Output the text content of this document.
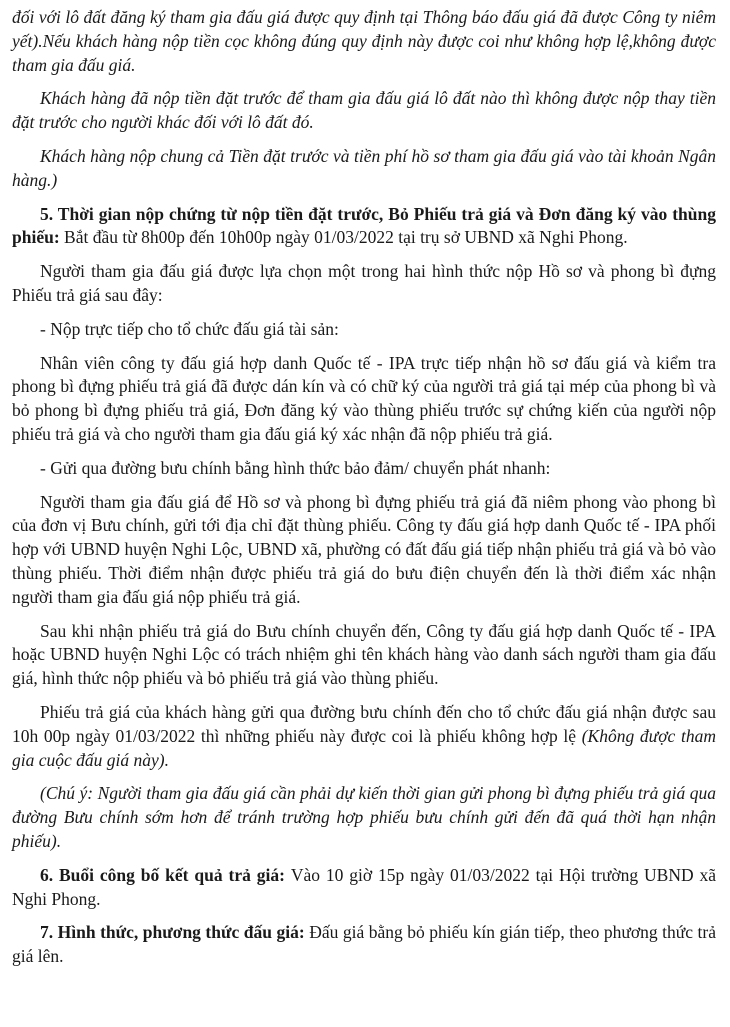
đối với lô đất đăng ký tham gia đấu giá được quy định tại Thông báo đấu giá đã được Công ty niêm yết).Nếu khách hàng nộp tiền cọc không đúng quy định này được coi như không hợp lệ,không được tham gia đấu giá.

Khách hàng đã nộp tiền đặt trước để tham gia đấu giá lô đất nào thì không được nộp thay tiền đặt trước cho người khác đối với lô đất đó.

Khách hàng nộp chung cả Tiền đặt trước và tiền phí hồ sơ tham gia đấu giá vào tài khoản Ngân hàng.)

5. Thời gian nộp chứng từ nộp tiền đặt trước, Bỏ Phiếu trả giá và Đơn đăng ký vào thùng phiếu: Bắt đầu từ 8h00p đến 10h00p ngày 01/03/2022 tại trụ sở UBND xã Nghi Phong.

Người tham gia đấu giá được lựa chọn một trong hai hình thức nộp Hồ sơ và phong bì đựng Phiếu trả giá sau đây:

- Nộp trực tiếp cho tổ chức đấu giá tài sản:

Nhân viên công ty đấu giá hợp danh Quốc tế - IPA trực tiếp nhận hồ sơ đấu giá và kiểm tra phong bì đựng phiếu trả giá đã được dán kín và có chữ ký của người trả giá tại mép của phong bì và bỏ phong bì đựng phiếu trả giá, Đơn đăng ký vào thùng phiếu trước sự chứng kiến của người nộp phiếu trả giá và cho người tham gia đấu giá ký xác nhận đã nộp phiếu trả giá.

- Gửi qua đường bưu chính bằng hình thức bảo đảm/ chuyển phát nhanh:

Người tham gia đấu giá để Hồ sơ và phong bì đựng phiếu trả giá đã niêm phong vào phong bì của đơn vị Bưu chính, gửi tới địa chỉ đặt thùng phiếu. Công ty đấu giá hợp danh Quốc tế - IPA phối hợp với UBND huyện Nghi Lộc, UBND xã, phường có đất đấu giá tiếp nhận phiếu trả giá và bỏ vào thùng phiếu. Thời điểm nhận được phiếu trả giá do bưu điện chuyển đến là thời điểm xác nhận người tham gia đấu giá nộp phiếu trả giá.

Sau khi nhận phiếu trả giá do Bưu chính chuyển đến, Công ty đấu giá hợp danh Quốc tế - IPA hoặc UBND huyện Nghi Lộc có trách nhiệm ghi tên khách hàng vào danh sách người tham gia đấu giá, hình thức nộp phiếu và bỏ phiếu trả giá vào thùng phiếu.

Phiếu trả giá của khách hàng gửi qua đường bưu chính đến cho tổ chức đấu giá nhận được sau 10h 00p ngày 01/03/2022 thì những phiếu này được coi là phiếu không hợp lệ (Không được tham gia cuộc đấu giá này).

(Chú ý: Người tham gia đấu giá cần phải dự kiến thời gian gửi phong bì đựng phiếu trả giá qua đường Bưu chính sớm hơn để tránh trường hợp phiếu bưu chính gửi đến đã quá thời hạn nhận phiếu).

6. Buổi công bố kết quả trả giá: Vào 10 giờ 15p ngày 01/03/2022 tại Hội trường UBND xã Nghi Phong.

7. Hình thức, phương thức đấu giá: Đấu giá bằng bỏ phiếu kín gián tiếp, theo phương thức trả giá lên.
